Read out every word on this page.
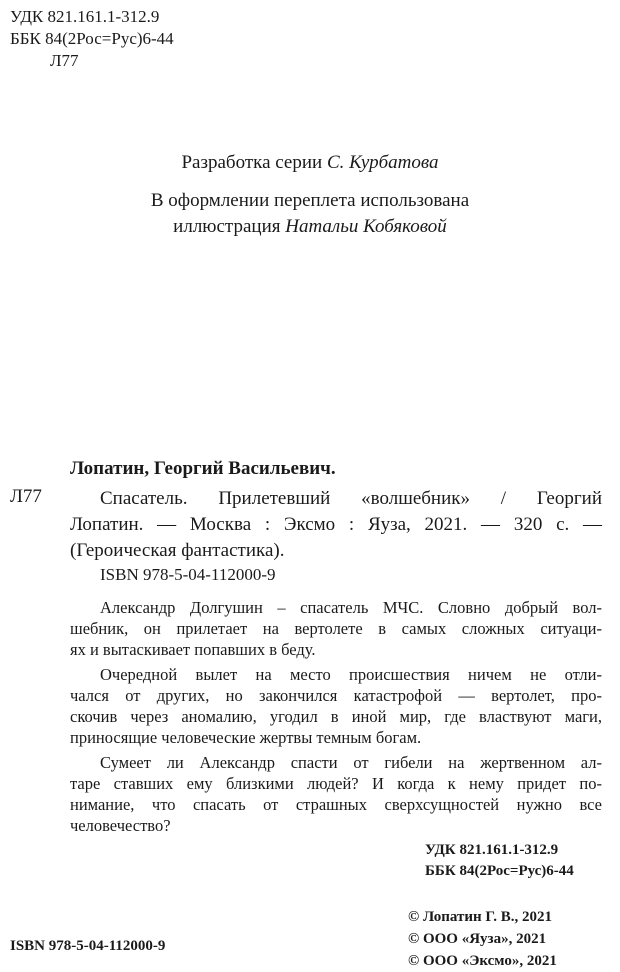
УДК 821.161.1-312.9
ББК 84(2Рос=Рус)6-44
Л77
Разработка серии С. Курбатова
В оформлении переплета использована
иллюстрация Натальи Кобяковой
Лопатин, Георгий Васильевич.
Л77	Спасатель. Прилетевший «волшебник» / Георгий
Лопатин. — Москва : Эксмо : Яуза, 2021. — 320 с. —
(Героическая фантастика).
ISBN 978-5-04-112000-9
Александр Долгушин – спасатель МЧС. Словно добрый вол-
шебник, он прилетает на вертолете в самых сложных ситуаци-
ях и вытаскивает попавших в беду.
Очередной вылет на место происшествия ничем не отли-
чался от других, но закончился катастрофой — вертолет, про-
скочив через аномалию, угодил в иной мир, где властвуют маги,
приносящие человеческие жертвы темным богам.
Сумеет ли Александр спасти от гибели на жертвенном ал-
таре ставших ему близкими людей? И когда к нему придет по-
нимание, что спасать от страшных сверхсущностей нужно все
человечество?
УДК 821.161.1-312.9
ББК 84(2Рос=Рус)6-44
© Лопатин Г. В., 2021
© ООО «Яуза», 2021
© ООО «Эксмо», 2021
ISBN 978-5-04-112000-9
